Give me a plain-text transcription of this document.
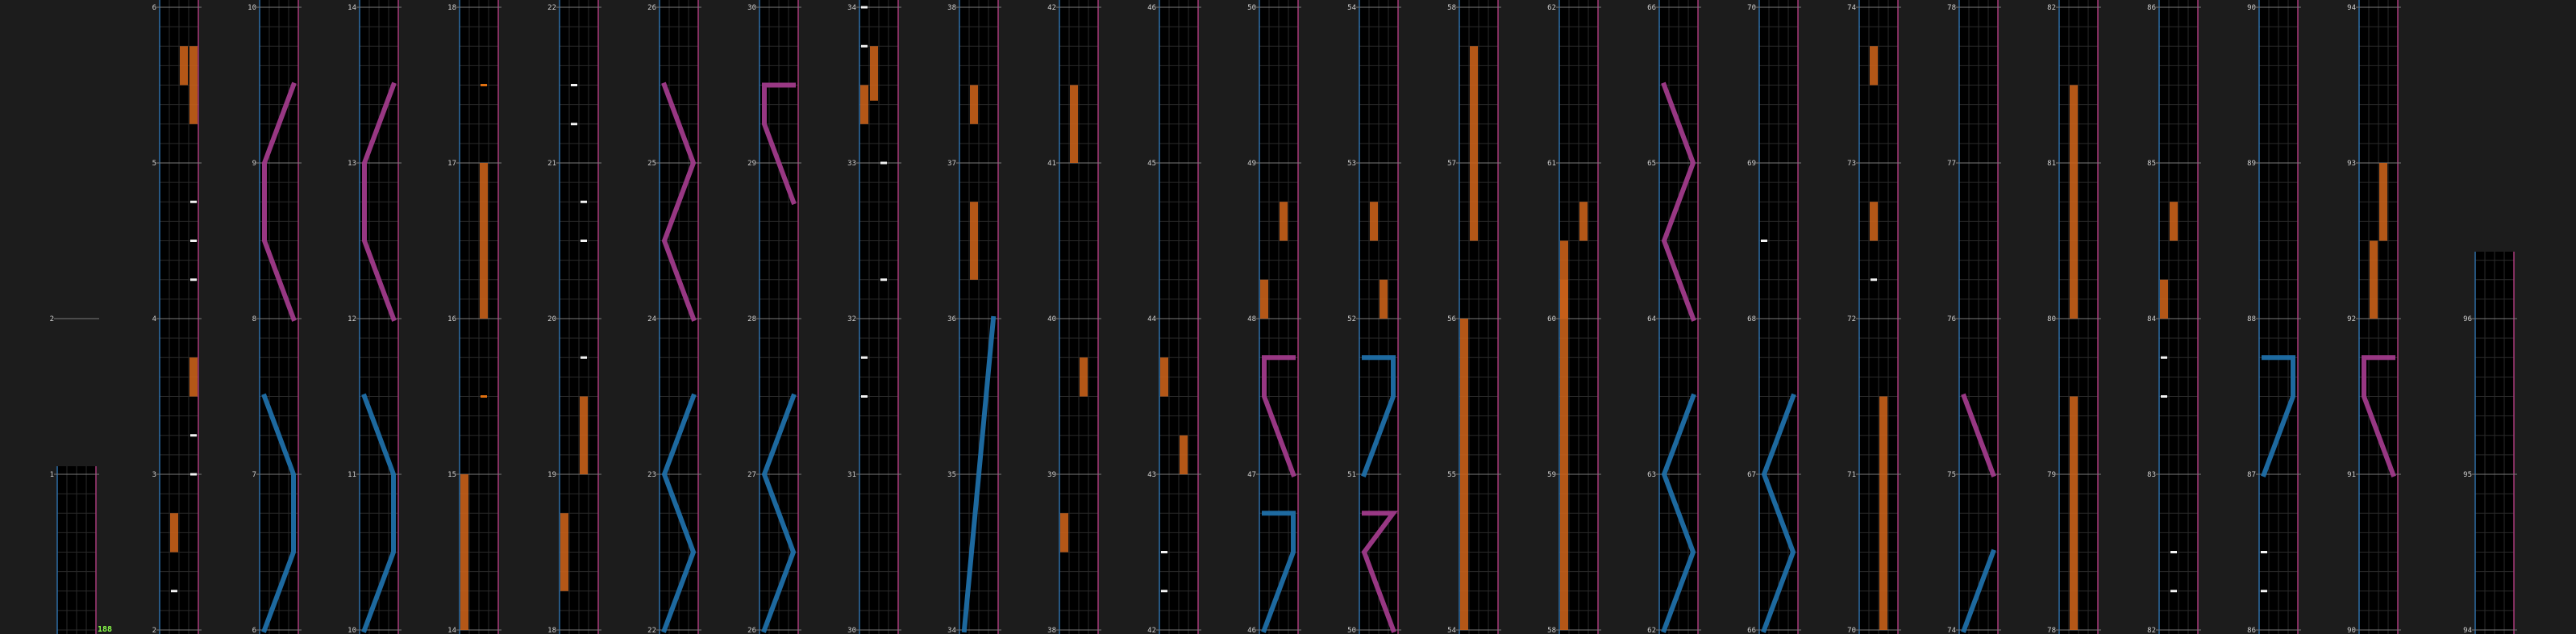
1
2
2
3
4
5
6
6
7
8
9
10
10
11
12
13
14
14
15
16
17
18
18
19
20
21
22
22
23
24
25
26
26
27
28
29
30
30
31
32
33
34
34
35
36
37
38
38
39
40
41
42
42
43
44
45
46
46
47
48
49
50
50
51
52
53
54
54
55
56
57
58
58
59
60
61
62
62
63
64
65
66
66
67
68
69
70
70
71
72
73
74
74
75
76
77
78
78
79
80
81
82
82
83
84
85
86
86
87
88
89
90
90
91
92
93
94
94
95
96
188
